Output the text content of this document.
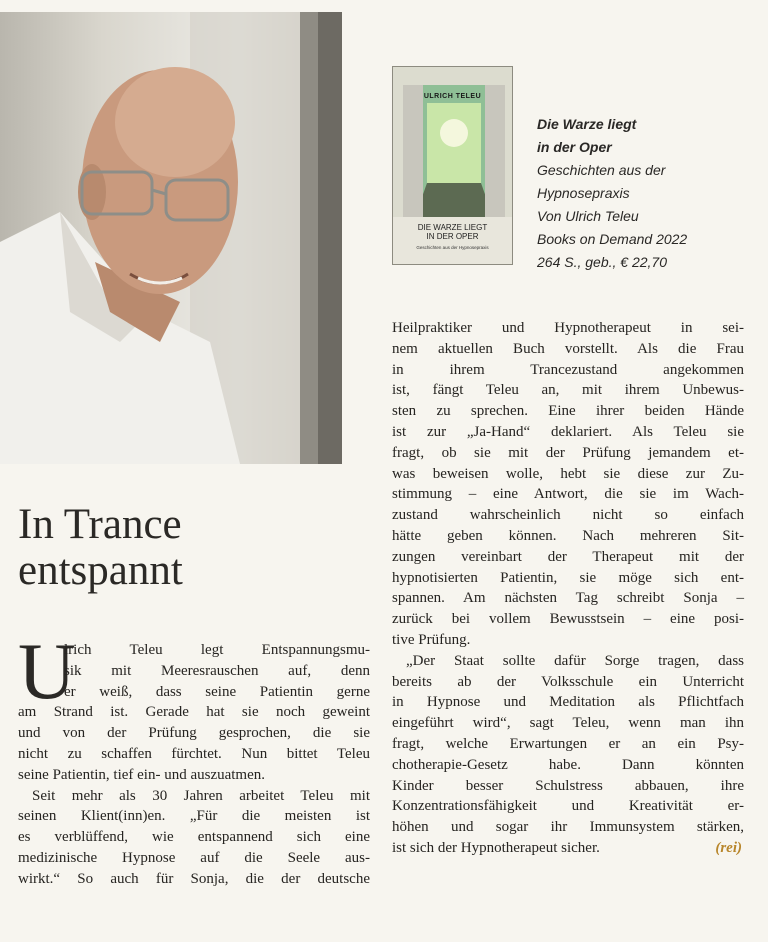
ULRICH TELEU
DIE WARZE LIEGT
IN DER OPER
Geschichten aus der Hypnosepraxis
Die Warze liegt
in der Oper
Geschichten aus der
Hypnosepraxis
Von Ulrich Teleu
Books on Demand 2022
264 S., geb., € 22,70
In Trance
entspannt
U
lrich Teleu legt Entspannungsmu-
sik mit Meeresrauschen auf, denn
er weiß, dass seine Patientin gerne
am Strand ist. Gerade hat sie noch geweint
und von der Prüfung gesprochen, die sie
nicht zu schaffen fürchtet. Nun bittet Teleu
seine Patientin, tief ein- und auszuatmen.
Seit mehr als 30 Jahren arbeitet Teleu mit
seinen Klient(inn)en. „Für die meisten ist
es verblüffend, wie entspannend sich eine
medizinische Hypnose auf die Seele aus-
wirkt.“ So auch für Sonja, die der deutsche
Heilpraktiker und Hypnotherapeut in sei-
nem aktuellen Buch vorstellt. Als die Frau
in ihrem Trancezustand angekommen
ist, fängt Teleu an, mit ihrem Unbewus-
sten zu sprechen. Eine ihrer beiden Hände
ist zur „Ja-Hand“ deklariert. Als Teleu sie
fragt, ob sie mit der Prüfung jemandem et-
was beweisen wolle, hebt sie diese zur Zu-
stimmung – eine Antwort, die sie im Wach-
zustand wahrscheinlich nicht so einfach
hätte geben können. Nach mehreren Sit-
zungen vereinbart der Therapeut mit der
hypnotisierten Patientin, sie möge sich ent-
spannen. Am nächsten Tag schreibt Sonja –
zurück bei vollem Bewusstsein – eine posi-
tive Prüfung.
„Der Staat sollte dafür Sorge tragen, dass
bereits ab der Volksschule ein Unterricht
in Hypnose und Meditation als Pflichtfach
eingeführt wird“, sagt Teleu, wenn man ihn
fragt, welche Erwartungen er an ein Psy-
chotherapie-Gesetz habe. Dann könnten
Kinder besser Schulstress abbauen, ihre
Konzentrationsfähigkeit und Kreativität er-
höhen und sogar ihr Immunsystem stärken,
ist sich der Hypnotherapeut sicher.	(rei)
